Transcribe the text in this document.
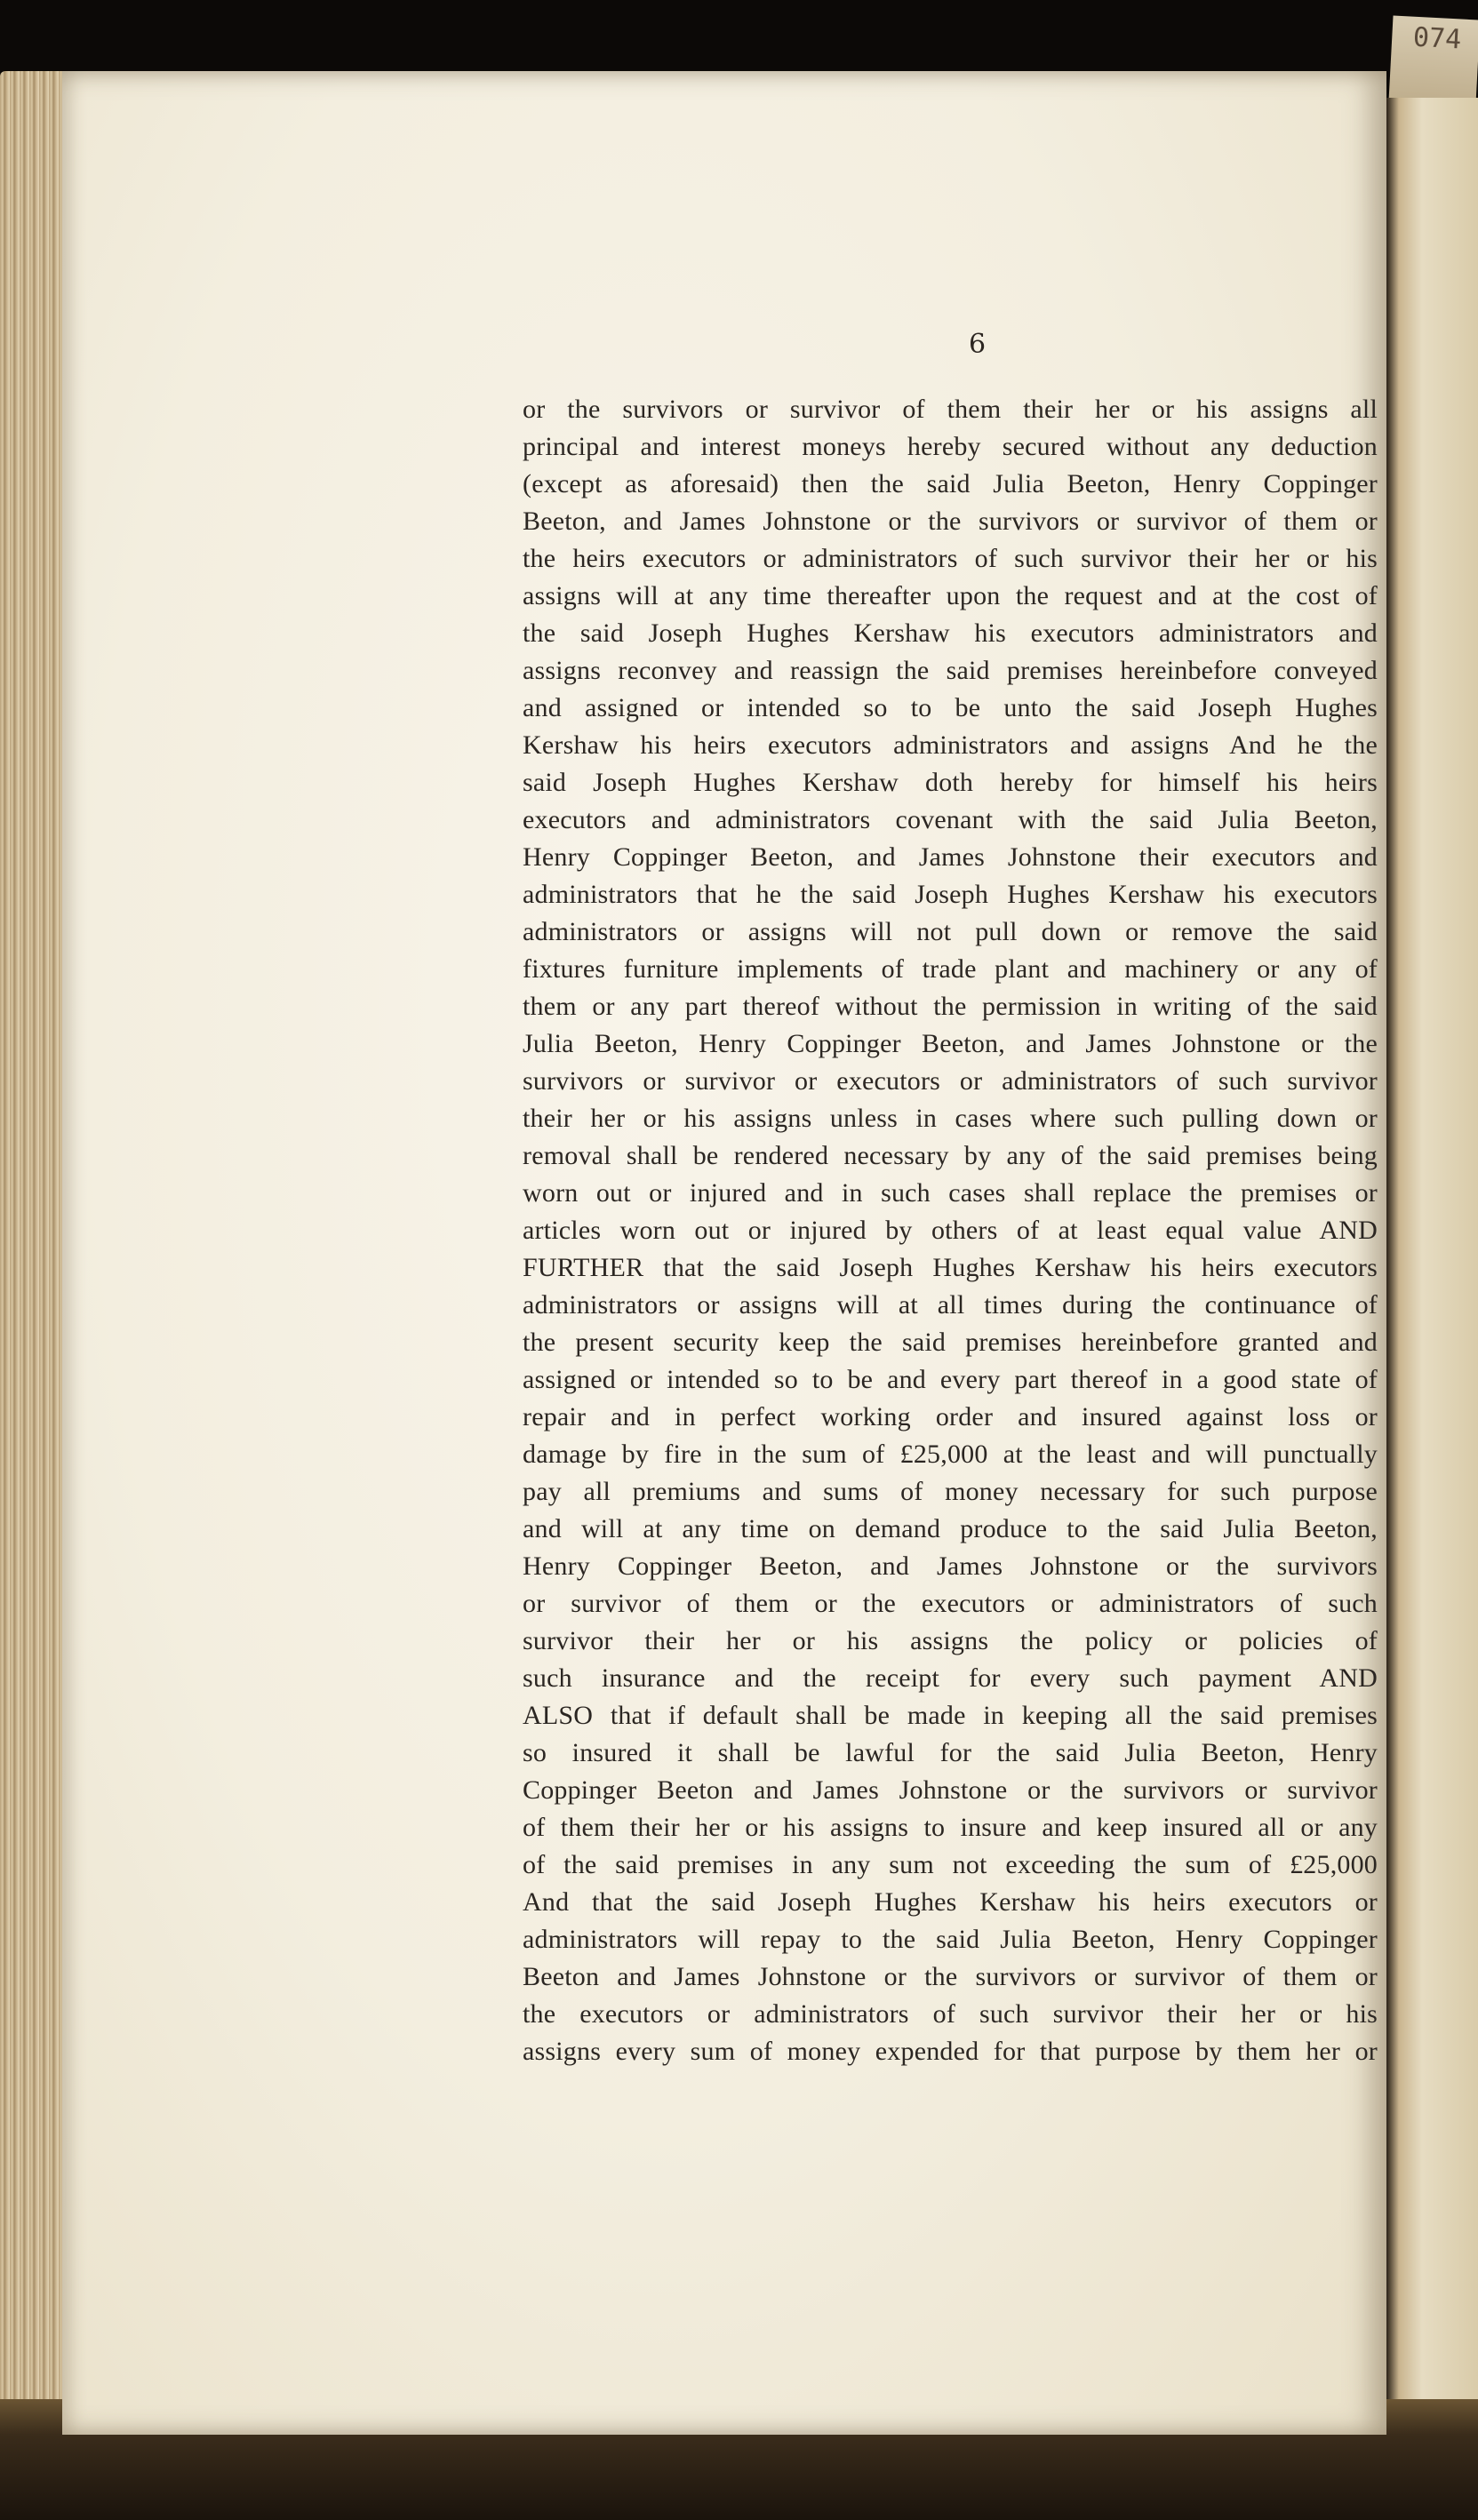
074
6
or the survivors or survivor of them their her or his assigns all
principal and interest moneys hereby secured without any deduction
(except as aforesaid) then the said Julia Beeton, Henry Coppinger
Beeton, and James Johnstone or the survivors or survivor of them or
the heirs executors or administrators of such survivor their her or his
assigns will at any time thereafter upon the request and at the cost of
the said Joseph Hughes Kershaw his executors administrators and
assigns reconvey and reassign the said premises hereinbefore conveyed
and assigned or intended so to be unto the said Joseph Hughes
Kershaw his heirs executors administrators and assigns And he the
said Joseph Hughes Kershaw doth hereby for himself his heirs
executors and administrators covenant with the said Julia Beeton,
Henry Coppinger Beeton, and James Johnstone their executors and
administrators that he the said Joseph Hughes Kershaw his executors
administrators or assigns will not pull down or remove the said
fixtures furniture implements of trade plant and machinery or any of
them or any part thereof without the permission in writing of the said
Julia Beeton, Henry Coppinger Beeton, and James Johnstone or the
survivors or survivor or executors or administrators of such survivor
their her or his assigns unless in cases where such pulling down or
removal shall be rendered necessary by any of the said premises being
worn out or injured and in such cases shall replace the premises or
articles worn out or injured by others of at least equal value AND
FURTHER that the said Joseph Hughes Kershaw his heirs executors
administrators or assigns will at all times during the continuance of
the present security keep the said premises hereinbefore granted and
assigned or intended so to be and every part thereof in a good state of
repair and in perfect working order and insured against loss or
damage by fire in the sum of £25,000 at the least and will punctually
pay all premiums and sums of money necessary for such purpose
and will at any time on demand produce to the said Julia Beeton,
Henry Coppinger Beeton, and James Johnstone or the survivors
or survivor of them or the executors or administrators of such
survivor their her or his assigns the policy or policies of
such insurance and the receipt for every such payment AND
ALSO that if default shall be made in keeping all the said premises
so insured it shall be lawful for the said Julia Beeton, Henry
Coppinger Beeton and James Johnstone or the survivors or survivor
of them their her or his assigns to insure and keep insured all or any
of the said premises in any sum not exceeding the sum of £25,000
And that the said Joseph Hughes Kershaw his heirs executors or
administrators will repay to the said Julia Beeton, Henry Coppinger
Beeton and James Johnstone or the survivors or survivor of them or
the executors or administrators of such survivor their her or his
assigns every sum of money expended for that purpose by them her or
